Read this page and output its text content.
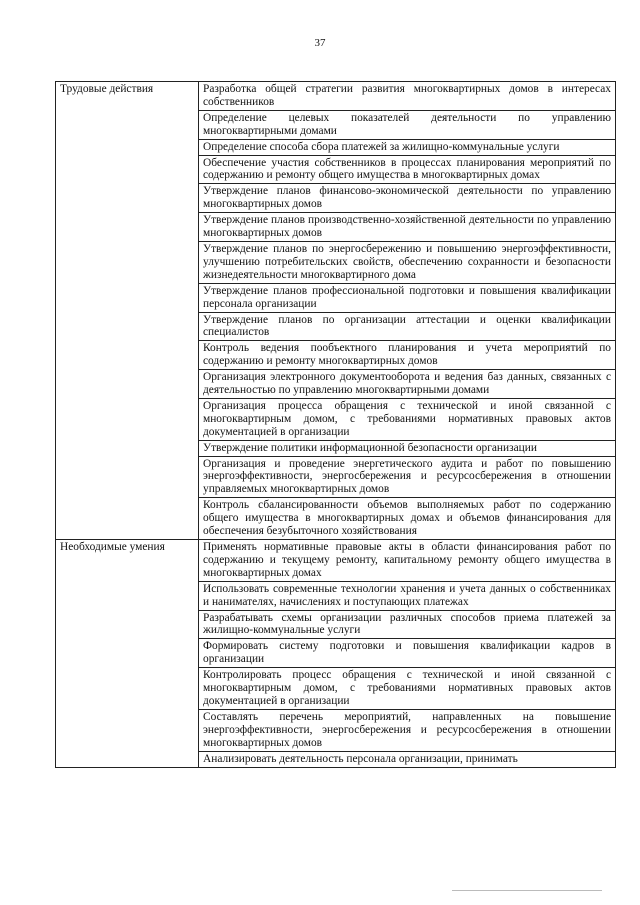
37
Трудовые действия	Разработка общей стратегии развития многоквартирных домов в интересах собственников
	Определение целевых показателей деятельности по управлению многоквартирными домами
	Определение способа сбора платежей за жилищно-коммунальные услуги
	Обеспечение участия собственников в процессах планирования мероприятий по содержанию и ремонту общего имущества в многоквартирных домах
	Утверждение планов финансово-экономической деятельности по управлению многоквартирных домов
	Утверждение планов производственно-хозяйственной деятельности по управлению многоквартирных домов
	Утверждение планов по энергосбережению и повышению энергоэффективности, улучшению потребительских свойств, обеспечению сохранности и безопасности жизнедеятельности многоквартирного дома
	Утверждение планов профессиональной подготовки и повышения квалификации персонала организации
	Утверждение планов по организации аттестации и оценки квалификации специалистов
	Контроль ведения пообъектного планирования и учета мероприятий по содержанию и ремонту многоквартирных домов
	Организация электронного документооборота и ведения баз данных, связанных с деятельностью по управлению многоквартирными домами
	Организация процесса обращения с технической и иной связанной с многоквартирным домом, с требованиями нормативных правовых актов документацией в организации
	Утверждение политики информационной безопасности организации
	Организация и проведение энергетического аудита и работ по повышению энергоэффективности, энергосбережения и ресурсосбережения в отношении управляемых многоквартирных домов
	Контроль сбалансированности объемов выполняемых работ по содержанию общего имущества в многоквартирных домах и объемов финансирования для обеспечения безубыточного хозяйствования
Необходимые умения	Применять нормативные правовые акты в области финансирования работ по содержанию и текущему ремонту, капитальному ремонту общего имущества в многоквартирных домах
	Использовать современные технологии хранения и учета данных о собственниках и нанимателях, начислениях и поступающих платежах
	Разрабатывать схемы организации различных способов приема платежей за жилищно-коммунальные услуги
	Формировать систему подготовки и повышения квалификации кадров в организации
	Контролировать процесс обращения с технической и иной связанной с многоквартирным домом, с требованиями нормативных правовых актов документацией в организации
	Составлять перечень мероприятий, направленных на повышение энергоэффективности, энергосбережения и ресурсосбережения в отношении многоквартирных домов
	Анализировать деятельность персонала организации, принимать
